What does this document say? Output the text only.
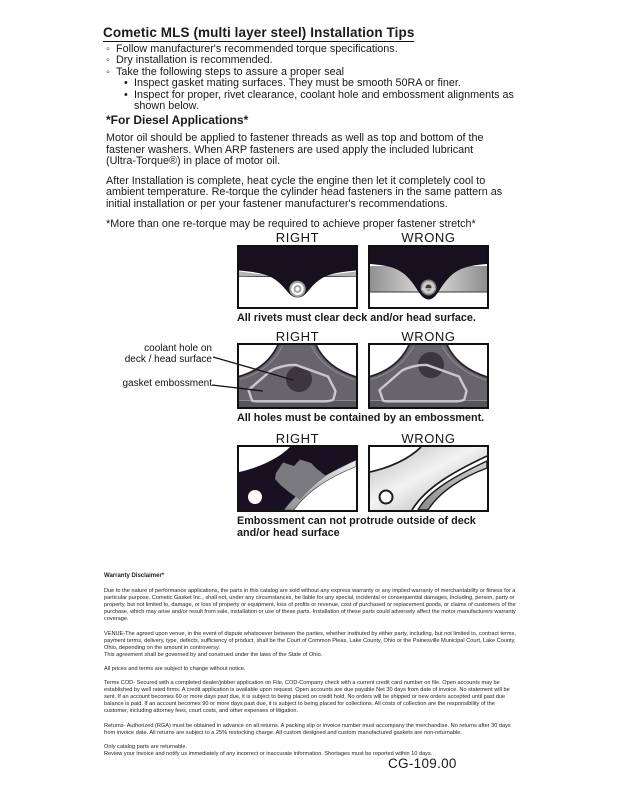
Cometic MLS (multi layer steel) Installation Tips
◦ Follow manufacturer's recommended torque specifications.
◦ Dry installation is recommended.
◦ Take the following steps to assure a proper seal
• Inspect gasket mating surfaces. They must be smooth 50RA or finer.
• Inspect for proper, rivet clearance, coolant hole and embossment alignments as shown below.
*For Diesel Applications*

Motor oil should be applied to fastener threads as well as top and bottom of the fastener washers. When ARP fasteners are used apply the included lubricant (Ultra-Torque®) in place of motor oil.

After Installation is complete, heat cycle the engine then let it completely cool to ambient temperature. Re-torque the cylinder head fasteners in the same pattern as initial installation or per your fastener manufacturer's recommendations.

*More than one re-torque may be required to achieve proper fastener stretch*

RIGHT	WRONG
All rivets must clear deck and/or head surface.
RIGHT	WRONG
coolant hole on
deck / head surface
gasket embossment
All holes must be contained by an embossment.
RIGHT	WRONG
Embossment can not protrude outside of deck
and/or head surface
Warranty Disclaimer*

Due to the nature of performance applications, the parts in this catalog are sold without any express warranty or any implied warranty of merchantability or fitness for a particular purpose. Cometic Gasket Inc., shall not, under any circumstances, be liable for any special, incidental or consequential damages, including, person, party or property, but not limited to, damage, or loss of property or equipment, loss of profits or revenue, cost of purchased or replacement goods, or claims of customers of the purchase, which may arise and/or result from sale, installation or use of these parts. Installation of these parts could adversely affect the motor manufacturers warranty coverage.

VENUE-The agreed upon venue, in the event of dispute whatsoever between the parties, whether instituted by either party, including, but not limited to, contract terms, payment terms, delivery, type, defects, sufficiency of product, shall be the Court of Common Pleas, Lake County, Ohio or the Painesville Municipal Court, Lake County, Ohio, depending on the amount in controversy.

This agreement shall be governed by and construed under the laws of the State of Ohio.

All prices and terms are subject to change without notice.

Terms COD- Secured with a completed dealer/jobber application on File, COD-Company check with a current credit card number on file. Open accounts may be established by well rated firms. A credit application is available upon request. Open accounts are due payable Net 30 days from date of invoice. No statement will be sent. If an account becomes 60 or more days past due, it is subject to being placed on credit hold. No orders will be shipped or new orders accepted until past due balance is paid. If an account becomes 90 or more days past due, it is subject to being placed for collections. All costs of collection are the responsibility of the customer, including attorney fees, court costs, and other expenses of litigation.

Returns- Authorized (RGA) must be obtained in advance on all returns. A packing slip or invoice number must accompany the merchandise. No returns after 30 days from invoice date. All returns are subject to a 25% restocking charge. All custom designed and custom manufactured gaskets are non-returnable.

Only catalog parts are returnable.

Review your invoice and notify us immediately of any incorrect or inaccurate information. Shortages must be reported within 10 days.

CG-109.00
